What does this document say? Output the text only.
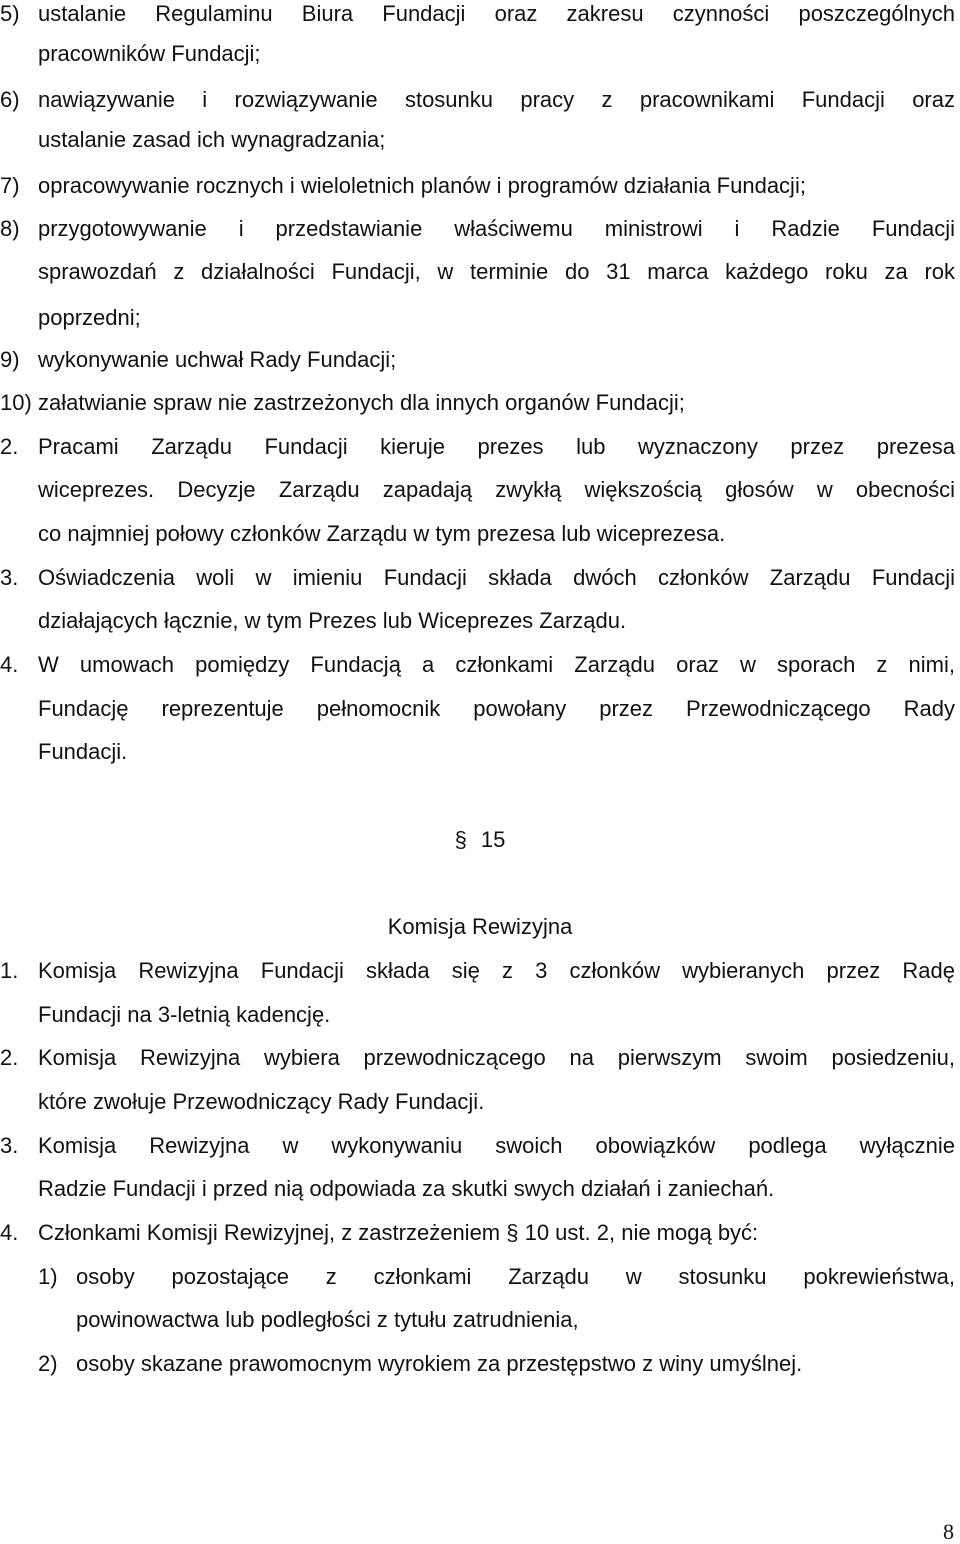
5) ustalanie Regulaminu Biura Fundacji oraz zakresu czynności poszczególnych
pracowników Fundacji;
6) nawiązywanie i rozwiązywanie stosunku pracy z pracownikami Fundacji oraz
ustalanie zasad ich wynagradzania;
7) opracowywanie rocznych i wieloletnich planów i programów działania Fundacji;
8) przygotowywanie i przedstawianie właściwemu ministrowi i Radzie Fundacji
sprawozdań z działalności Fundacji, w terminie do 31 marca każdego roku za rok
poprzedni;
9) wykonywanie uchwał Rady Fundacji;
10) załatwianie spraw nie zastrzeżonych dla innych organów Fundacji;
2. Pracami Zarządu Fundacji kieruje prezes lub wyznaczony przez prezesa
wiceprezes. Decyzje Zarządu zapadają zwykłą większością głosów w obecności
co najmniej połowy członków Zarządu w tym prezesa lub wiceprezesa.
3. Oświadczenia woli w imieniu Fundacji składa dwóch członków Zarządu Fundacji
działających łącznie, w tym Prezes lub Wiceprezes Zarządu.
4. W umowach pomiędzy Fundacją a członkami Zarządu oraz w sporach z nimi,
Fundację reprezentuje pełnomocnik powołany przez Przewodniczącego Rady
Fundacji.
§ 15
Komisja Rewizyjna
1. Komisja Rewizyjna Fundacji składa się z 3 członków wybieranych przez Radę
Fundacji na 3-letnią kadencję.
2. Komisja Rewizyjna wybiera przewodniczącego na pierwszym swoim posiedzeniu,
które zwołuje Przewodniczący Rady Fundacji.
3. Komisja Rewizyjna w wykonywaniu swoich obowiązków podlega wyłącznie
Radzie Fundacji i przed nią odpowiada za skutki swych działań i zaniechań.
4. Członkami Komisji Rewizyjnej, z zastrzeżeniem § 10 ust. 2, nie mogą być:
1) osoby pozostające z członkami Zarządu w stosunku pokrewieństwa,
powinowactwa lub podległości z tytułu zatrudnienia,
2) osoby skazane prawomocnym wyrokiem za przestępstwo z winy umyślnej.
8
